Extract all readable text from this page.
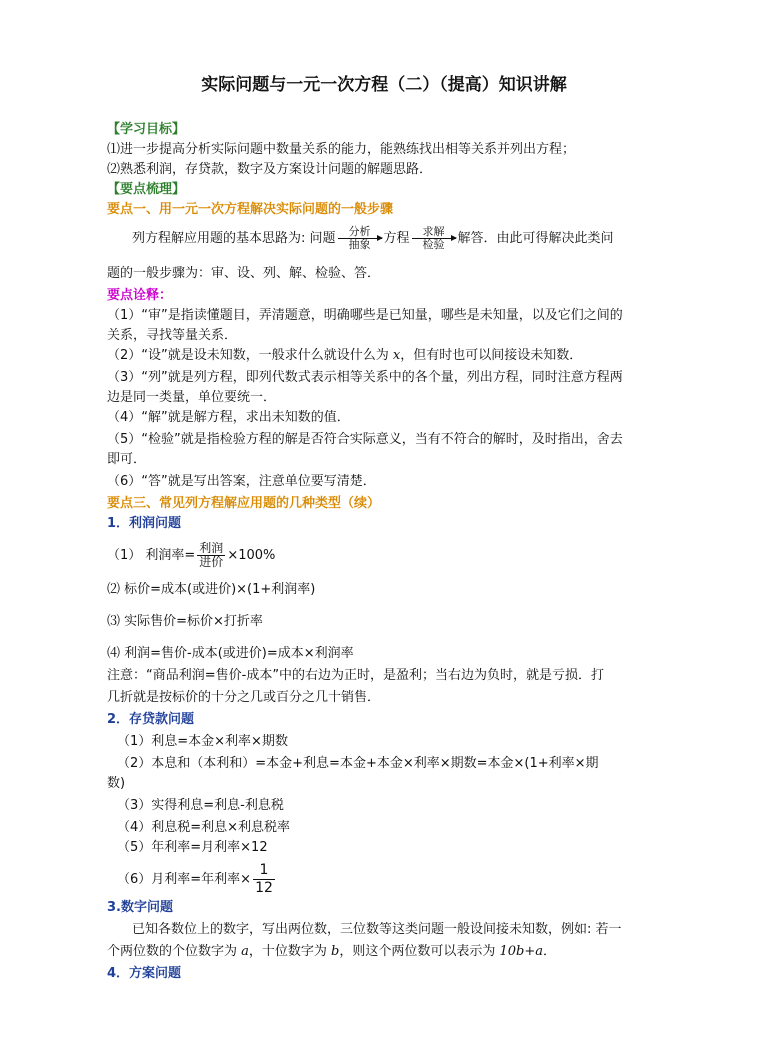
实际问题与一元一次方程（二）（提高）知识讲解
【学习目标】
⑴进一步提高分析实际问题中数量关系的能力，能熟练找出相等关系并列出方程；
⑵熟悉利润，存贷款，数字及方案设计问题的解题思路．
【要点梳理】
要点一、用一元一次方程解决实际问题的一般步骤
列方程解应用题的基本思路为: 问题	分析
抽象	方程	求解
检验	解答．由此可得解决此类问
题的一般步骤为：审、设、列、解、检验、答．
要点诠释：
（1）“审”是指读懂题目，弄清题意，明确哪些是已知量，哪些是未知量，以及它们之间的
关系，寻找等量关系．
（2）“设”就是设未知数，一般求什么就设什么为 x，但有时也可以间接设未知数．
（3）“列”就是列方程，即列代数式表示相等关系中的各个量，列出方程，同时注意方程两
边是同一类量，单位要统一．
（4）“解”就是解方程，求出未知数的值．
（5）“检验”就是指检验方程的解是否符合实际意义，当有不符合的解时，及时指出，舍去
即可．
（6）“答”就是写出答案，注意单位要写清楚．
要点三、常见列方程解应用题的几种类型（续）
1．利润问题
（1） 利润率= $\frac{\text{利润}}{\text{进价}} \times 100\%$
⑵ 标价=成本(或进价)×(1+利润率)
⑶ 实际售价=标价×打折率
⑷ 利润=售价-成本(或进价)=成本×利润率
注意：“商品利润=售价-成本”中的右边为正时，是盈利；当右边为负时，就是亏损．打
几折就是按标价的十分之几或百分之几十销售．
2．存贷款问题
（1）利息=本金×利率×期数
（2）本息和（本利和）=本金+利息=本金+本金×利率×期数=本金×(1+利率×期
数)
（3）实得利息=利息-利息税
（4）利息税=利息×利息税率
（5）年利率=月利率×12
（6）月利率=年利率× $\frac{1}{12}$
3.数字问题
已知各数位上的数字，写出两位数，三位数等这类问题一般设间接未知数，例如: 若一
个两位数的个位数字为 a，十位数字为 b，则这个两位数可以表示为 10b+a．
4．方案问题
